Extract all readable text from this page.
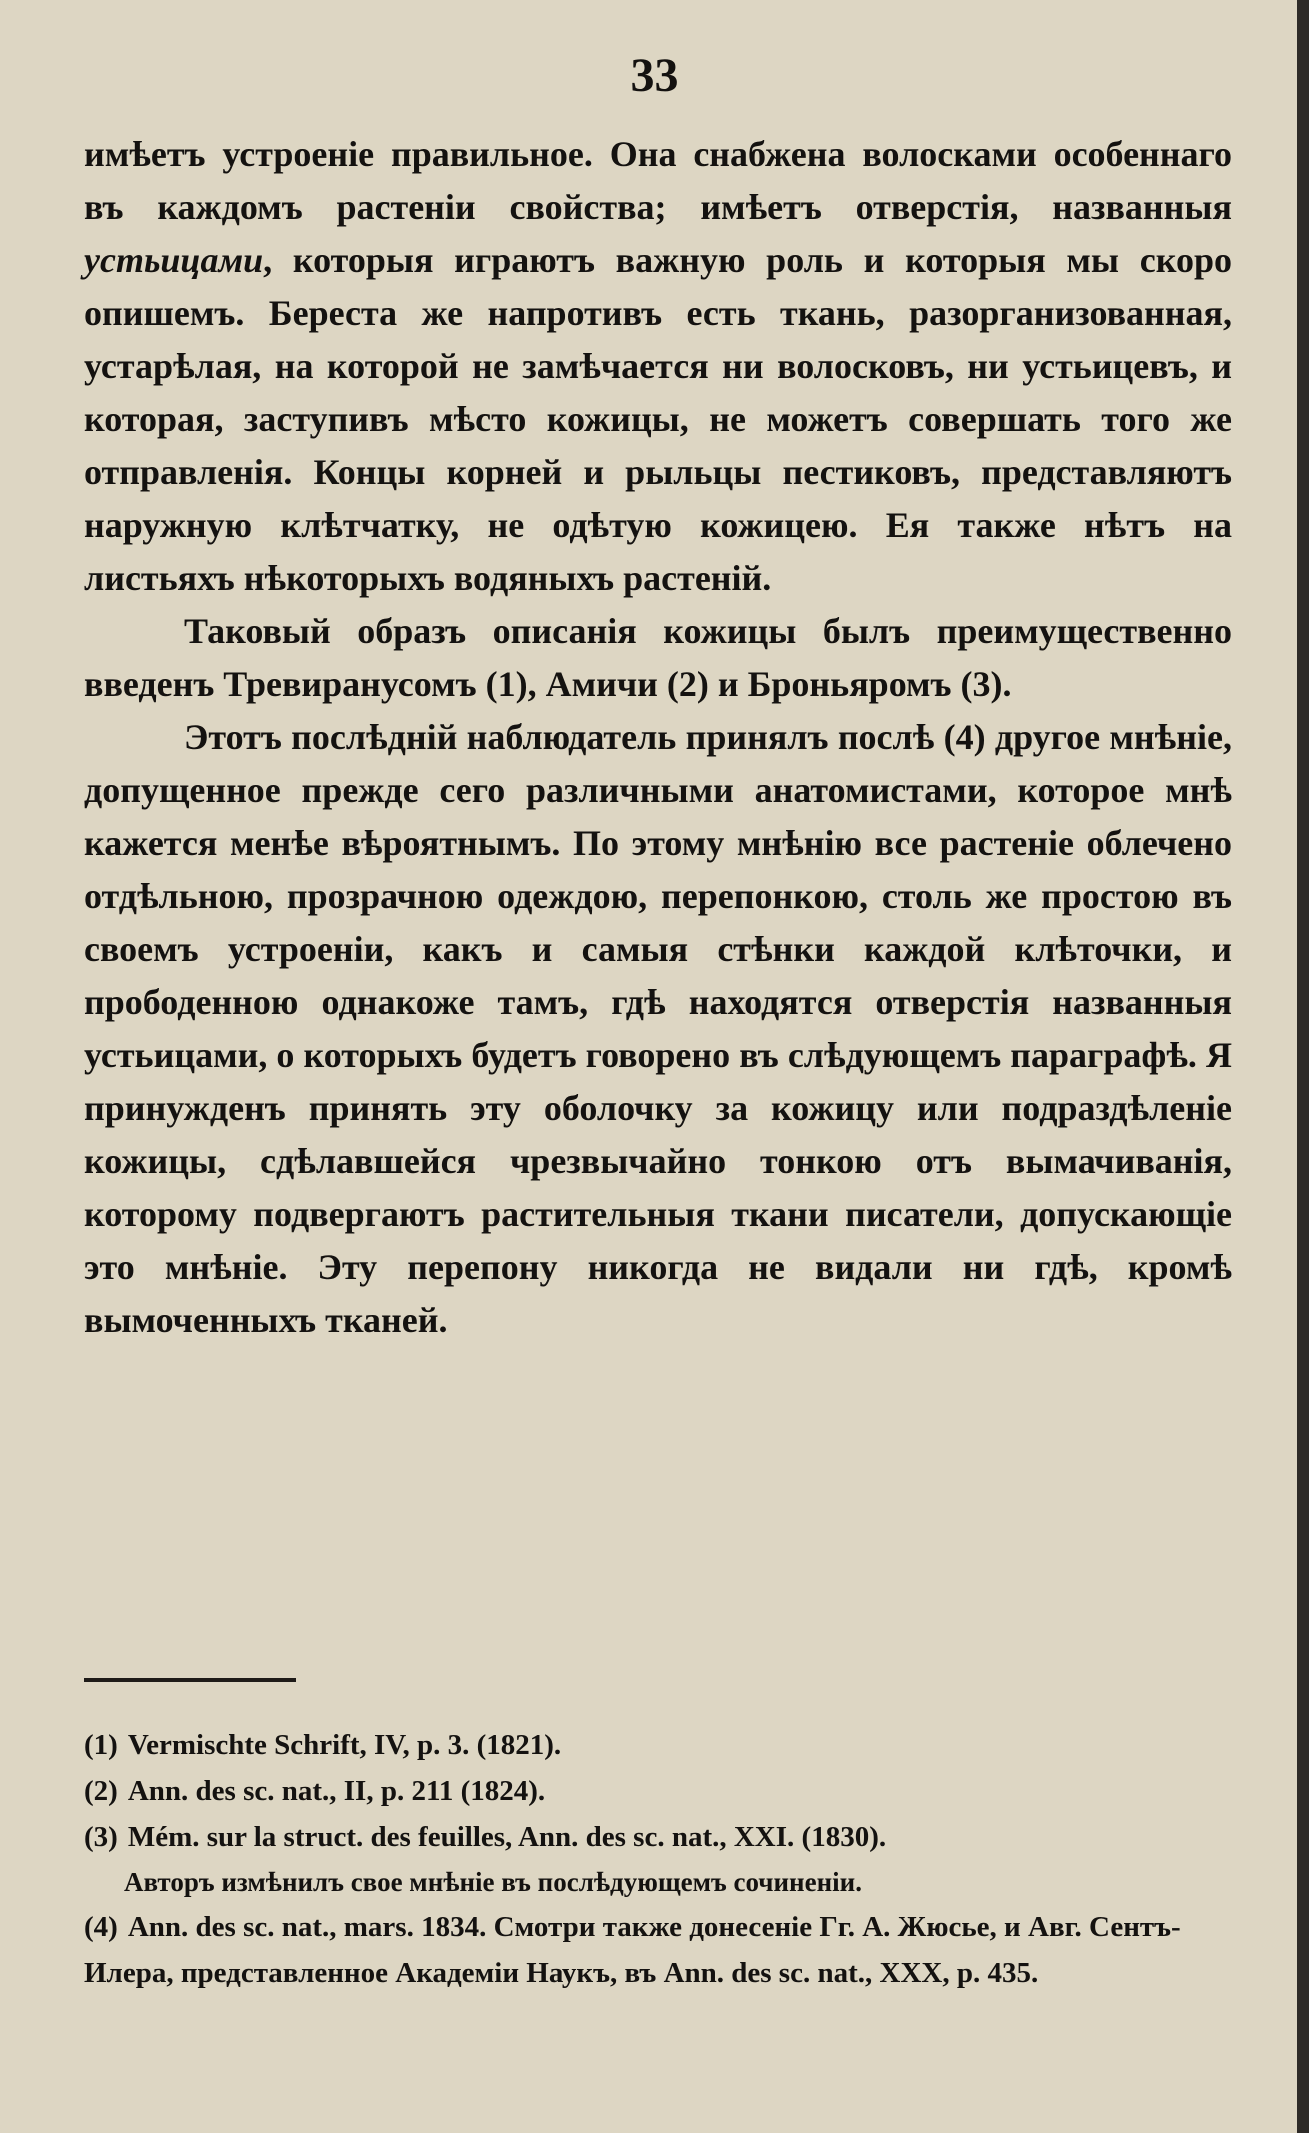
33

имѣетъ устроеніе правильное. Она снабжена волосками особеннаго въ каждомъ растеніи свойства; имѣетъ отверстія, названныя устьицами, которыя играютъ важную роль и которыя мы скоро опишемъ. Береста же напротивъ есть ткань, разорганизованная, устарѣлая, на которой не замѣчается ни волосковъ, ни устьицевъ, и которая, заступивъ мѣсто кожицы, не можетъ совершать того же отправленія. Концы корней и рыльцы пестиковъ, представляютъ наружную клѣтчатку, не одѣтую кожицею. Ея также нѣтъ на листьяхъ нѣкоторыхъ водяныхъ растеній.

Таковый образъ описанія кожицы былъ преимущественно введенъ Тревиранусомъ (1), Амичи (2) и Броньяромъ (3).

Этотъ послѣдній наблюдатель принялъ послѣ (4) другое мнѣніе, допущенное прежде сего различными анатомистами, которое мнѣ кажется менѣе вѣроятнымъ. По этому мнѣнію все растеніе облечено отдѣльною, прозрачною одеждою, перепонкою, столь же простою въ своемъ устроеніи, какъ и самыя стѣнки каждой клѣточки, и прободенною однакоже тамъ, гдѣ находятся отверстія названныя устьицами, о которыхъ будетъ говорено въ слѣдующемъ параграфѣ. Я принужденъ принять эту оболочку за кожицу или подраздѣленіе кожицы, сдѣлавшейся чрезвычайно тонкою отъ вымачиванія, которому подвергаютъ растительныя ткани писатели, допускающіе это мнѣніе. Эту перепону никогда не видали ни гдѣ, кромѣ вымоченныхъ тканей.

(1) Vermischte Schrift, IV, p. 3. (1821).

(2) Ann. des sc. nat., II, p. 211 (1824).

(3) Mém. sur la struct. des feuilles, Ann. des sc. nat., XXI. (1830).
Авторъ измѣнилъ свое мнѣніе въ послѣдующемъ сочиненіи.

(4) Ann. des sc. nat., mars. 1834. Смотри также донесеніе Гг. А. Жюсье, и Авг. Сентъ-Илера, представленное Академіи Наукъ, въ Ann. des sc. nat., XXX, p. 435.
